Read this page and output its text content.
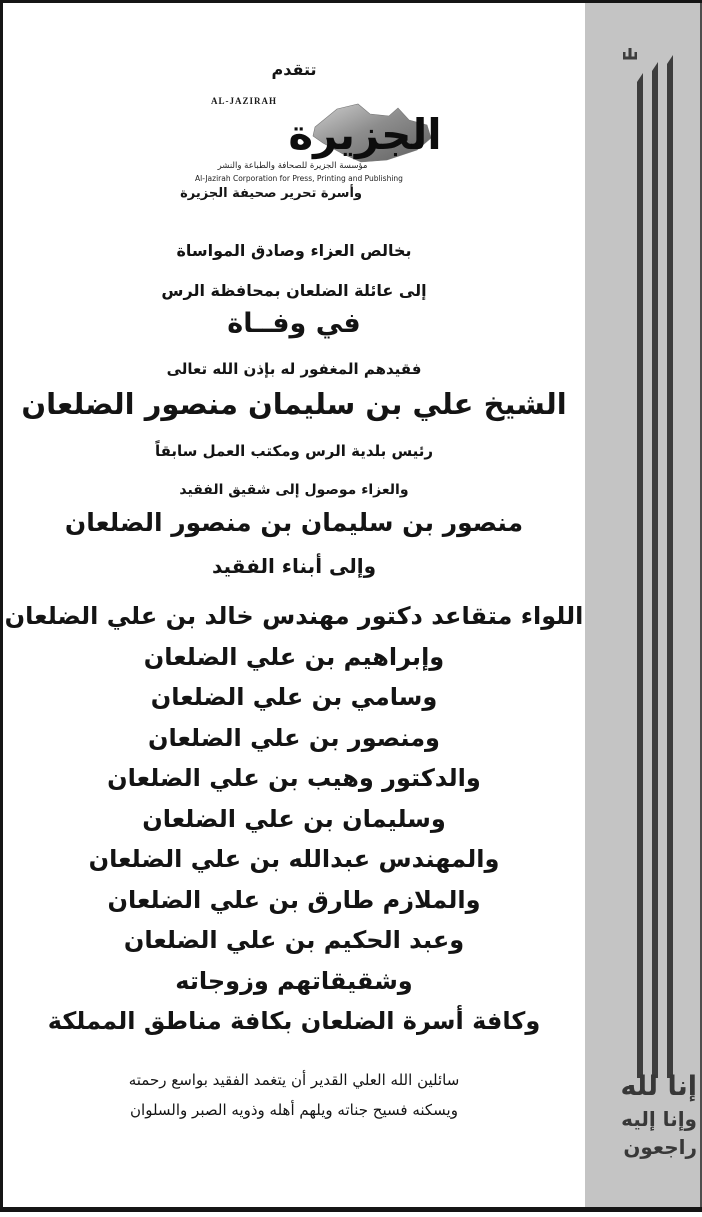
تتقدم
AL-JAZIRAH
الجزيرة
مؤسسة الجزيرة للصحافة والطباعة والنشر
Al-Jazirah Corporation for Press, Printing and Publishing
وأسرة تحرير صحيفة الجزيرة
بخالص العزاء وصادق المواساة
إلى عائلة الضلعان بمحافظة الرس
في وفــاة
فقيدهم المغفور له بإذن الله تعالى
الشيخ علي بن سليمان منصور الضلعان
رئيس بلدية الرس ومكتب العمل سابقاً
والعزاء موصول إلى شقيق الفقيد
منصور بن سليمان بن منصور الضلعان
وإلى أبناء الفقيد
اللواء متقاعد دكتور مهندس خالد بن علي الضلعان
وإبراهيم بن علي الضلعان
وسامي بن علي الضلعان
ومنصور بن علي الضلعان
والدكتور وهيب بن علي الضلعان
وسليمان بن علي الضلعان
والمهندس عبدالله بن علي الضلعان
والملازم طارق بن علي الضلعان
وعبد الحكيم بن علي الضلعان
وشقيقاتهم وزوجاته
وكافة أسرة الضلعان بكافة مناطق المملكة
سائلين الله العلي القدير أن يتغمد الفقيد بواسع رحمته
ويسكنه فسيح جناته ويلهم أهله وذويه الصبر والسلوان
إنا لله
وإنا إليه
راجعون
